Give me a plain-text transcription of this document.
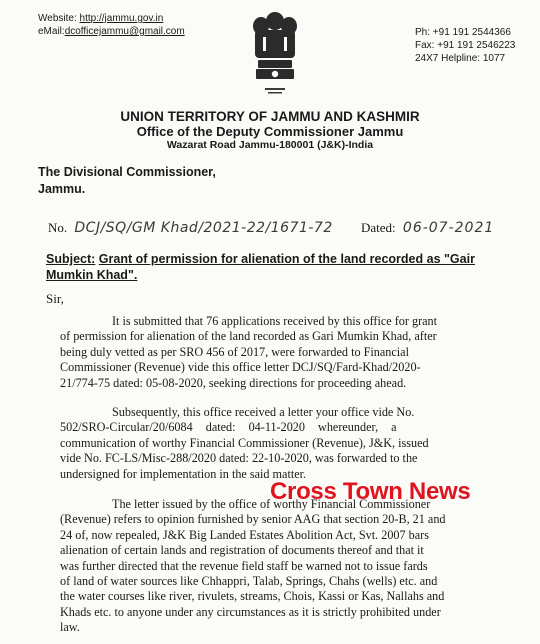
Website: http://jammu.gov.in
eMail:dcofficejammu@gmail.com	Ph: +91 191 2544366
Fax: +91 191 2546223
24X7 Helpline: 1077
UNION TERRITORY OF JAMMU AND KASHMIR
Office of the Deputy Commissioner Jammu
Wazarat Road Jammu-180001 (J&K)-India
The Divisional Commissioner,
Jammu.
No. DCJ/SQ/GM Khad/2021-22/1671-72 Dated: 06-07-2021
Subject: Grant of permission for alienation of the land recorded as "Gair Mumkin Khad".
Sir,
It is submitted that 76 applications received by this office for grant
of permission for alienation of the land recorded as Gari Mumkin Khad, after
being duly vetted as per SRO 456 of 2017, were forwarded to Financial
Commissioner (Revenue) vide this office letter DCJ/SQ/Fard-Khad/2020-
21/774-75 dated: 05-08-2020, seeking directions for proceeding ahead.
Subsequently, this office received a letter your office vide No.
502/SRO-Circular/20/6084 dated: 04-11-2020 whereunder, a
communication of worthy Financial Commissioner (Revenue), J&K, issued
vide No. FC-LS/Misc-288/2020 dated: 22-10-2020, was forwarded to the
undersigned for implementation in the said matter.
The letter issued by the office of worthy Financial Commissioner
(Revenue) refers to opinion furnished by senior AAG that section 20-B, 21 and
24 of, now repealed, J&K Big Landed Estates Abolition Act, Svt. 2007 bars
alienation of certain lands and registration of documents thereof and that it
was further directed that the revenue field staff be warned not to issue fards
of land of water sources like Chhappri, Talab, Springs, Chahs (wells) etc. and
the water courses like river, rivulets, streams, Chois, Kassi or Kas, Nallahs and
Khads etc. to anyone under any circumstances as it is strictly prohibited under
law.
Cross Town News
